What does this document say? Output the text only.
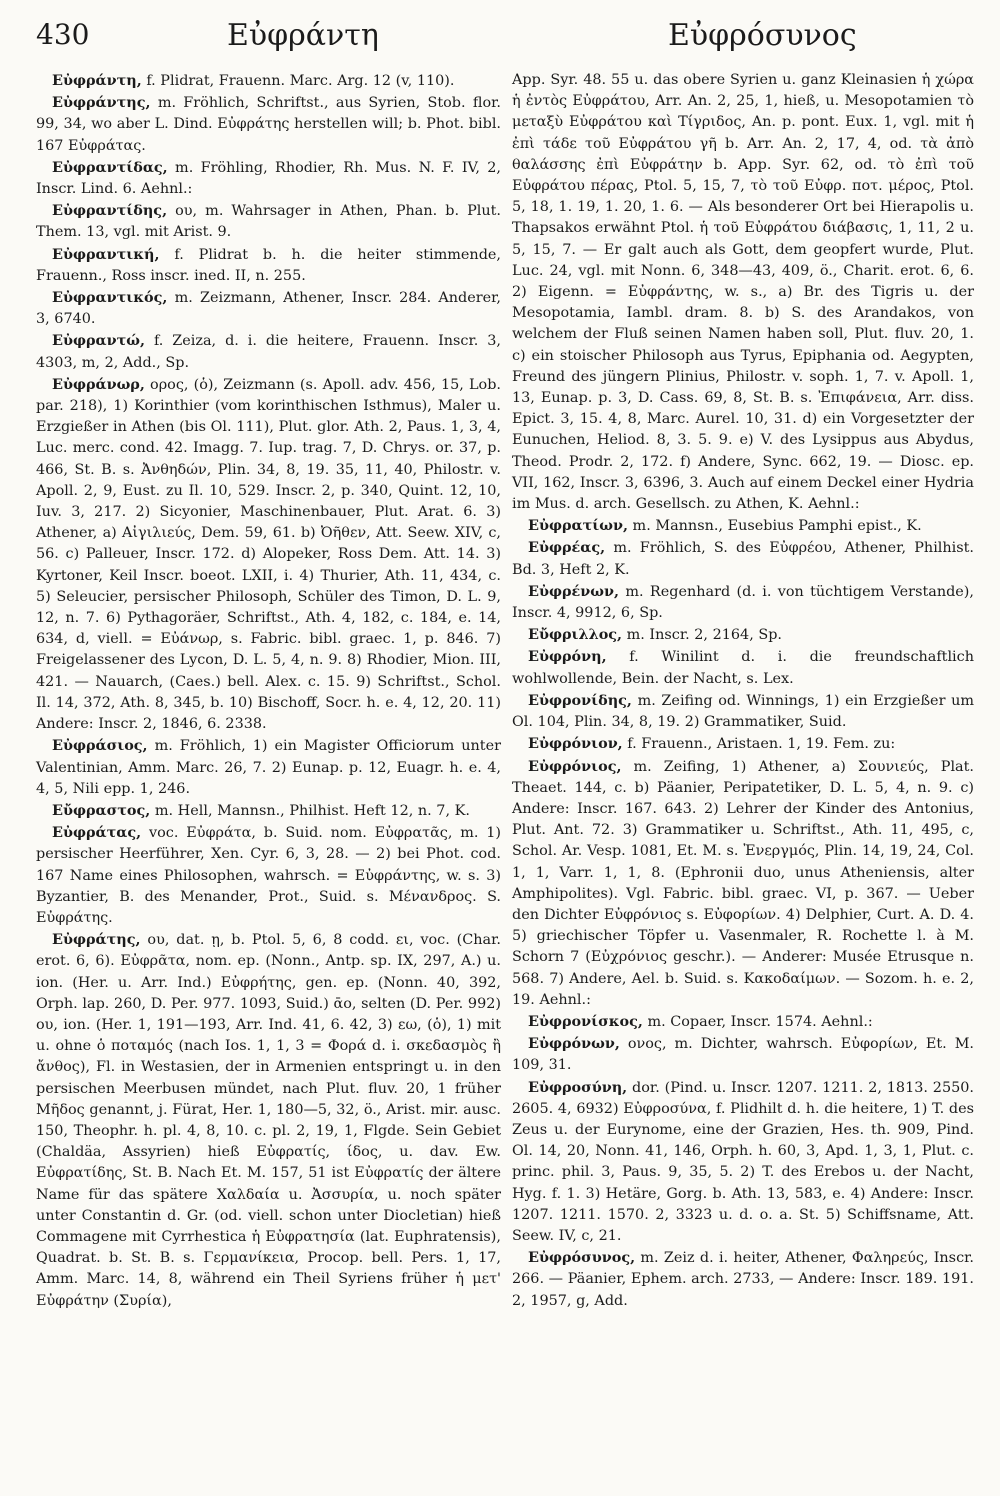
430	Εὐφράντη	Εὐφρόσυνος

Εὐφράντη, f. Plidrat, Frauenn. Marc. Arg. 12 (v, 110).

Εὐφράντης, m. Fröhlich, Schriftst., aus Syrien, Stob. flor. 99, 34, wo aber L. Dind. Εὐφράτης herstellen will; b. Phot. bibl. 167 Εὐφράτας.

Εὐφραντίδας, m. Fröhling, Rhodier, Rh. Mus. N. F. IV, 2, Inscr. Lind. 6. Aehnl.:

Εὐφραντίδης, ου, m. Wahrsager in Athen, Phan. b. Plut. Them. 13, vgl. mit Arist. 9.

Εὐφραντική, f. Plidrat b. h. die heiter stimmende, Frauenn., Ross inscr. ined. II, n. 255.

Εὐφραντικός, m. Zeizmann, Athener, Inscr. 284. Anderer, 3, 6740.

Εὐφραντώ, f. Zeiza, d. i. die heitere, Frauenn. Inscr. 3, 4303, m, 2, Add., Sp.

Εὐφράνωρ, ορος, (ὁ), Zeizmann (s. Apoll. adv. 456, 15, Lob. par. 218), 1) Korinthier (vom korinthischen Isthmus), Maler u. Erzgießer in Athen (bis Ol. 111), Plut. glor. Ath. 2, Paus. 1, 3, 4, Luc. merc. cond. 42. Imagg. 7. Iup. trag. 7, D. Chrys. or. 37, p. 466, St. B. s. Ἀνθηδών, Plin. 34, 8, 19. 35, 11, 40, Philostr. v. Apoll. 2, 9, Eust. zu Il. 10, 529. Inscr. 2, p. 340, Quint. 12, 10, Iuv. 3, 217. 2) Sicyonier, Maschinenbauer, Plut. Arat. 6. 3) Athener, a) Αἰγιλιεύς, Dem. 59, 61. b) Ὀῆθεν, Att. Seew. XIV, c, 56. c) Palleuer, Inscr. 172. d) Alopeker, Ross Dem. Att. 14. 3) Kyrtoner, Keil Inscr. boeot. LXII, i. 4) Thurier, Ath. 11, 434, c. 5) Seleucier, persischer Philosoph, Schüler des Timon, D. L. 9, 12, n. 7. 6) Pythagoräer, Schriftst., Ath. 4, 182, c. 184, e. 14, 634, d, viell. = Εὐάνωρ, s. Fabric. bibl. graec. 1, p. 846. 7) Freigelassener des Lycon, D. L. 5, 4, n. 9. 8) Rhodier, Mion. III, 421. — Nauarch, (Caes.) bell. Alex. c. 15. 9) Schriftst., Schol. Il. 14, 372, Ath. 8, 345, b. 10) Bischoff, Socr. h. e. 4, 12, 20. 11) Andere: Inscr. 2, 1846, 6. 2338.

Εὐφράσιος, m. Fröhlich, 1) ein Magister Officiorum unter Valentinian, Amm. Marc. 26, 7. 2) Eunap. p. 12, Euagr. h. e. 4, 4, 5, Nili epp. 1, 246.

Εὔφραστος, m. Hell, Mannsn., Philhist. Heft 12, n. 7, K.

Εὐφράτας, voc. Εὐφράτα, b. Suid. nom. Εὐφρατᾶς, m. 1) persischer Heerführer, Xen. Cyr. 6, 3, 28. — 2) bei Phot. cod. 167 Name eines Philosophen, wahrsch. = Εὐφράντης, w. s. 3) Byzantier, B. des Menander, Prot., Suid. s. Μένανδρος. S. Εὐφράτης.

Εὐφράτης, ου, dat. ῃ, b. Ptol. 5, 6, 8 codd. ει, voc. (Char. erot. 6, 6). Εὐφρᾶτα, nom. ep. (Nonn., Antp. sp. IX, 297, A.) u. ion. (Her. u. Arr. Ind.) Εὐφρήτης, gen. ep. (Nonn. 40, 392, Orph. lap. 260, D. Per. 977. 1093, Suid.) ᾱο, selten (D. Per. 992) ου, ion. (Her. 1, 191—193, Arr. Ind. 41, 6. 42, 3) εω, (ὁ), 1) mit u. ohne ὁ ποταμός (nach Ios. 1, 1, 3 = Φορά d. i. σκεδασμὸς ἢ ἄνθος), Fl. in Westasien, der in Armenien entspringt u. in den persischen Meerbusen mündet, nach Plut. fluv. 20, 1 früher Μῆδος genannt, j. Fürat, Her. 1, 180—5, 32, ö., Arist. mir. ausc. 150, Theophr. h. pl. 4, 8, 10. c. pl. 2, 19, 1, Flgde. Sein Gebiet (Chaldäa, Assyrien) hieß Εὐφρατίς, ίδος, u. dav. Ew. Εὐφρατίδης, St. B. Nach Et. M. 157, 51 ist Εὐφρατίς der ältere Name für das spätere Χαλδαία u. Ἀσσυρία, u. noch später unter Constantin d. Gr. (od. viell. schon unter Diocletian) hieß Commagene mit Cyrrhestica ἡ Εὐφρατησία (lat. Euphratensis), Quadrat. b. St. B. s. Γερμανίκεια, Procop. bell. Pers. 1, 17, Amm. Marc. 14, 8, während ein Theil Syriens früher ἡ μετ' Εὐφράτην (Συρία),

App. Syr. 48. 55 u. das obere Syrien u. ganz Kleinasien ἡ χώρα ἡ ἐντὸς Εὐφράτου, Arr. An. 2, 25, 1, hieß, u. Mesopotamien τὸ μεταξὺ Εὐφράτου καὶ Τίγριδος, An. p. pont. Eux. 1, vgl. mit ἡ ἐπὶ τάδε τοῦ Εὐφράτου γῆ b. Arr. An. 2, 17, 4, od. τὰ ἀπὸ θαλάσσης ἐπὶ Εὐφράτην b. App. Syr. 62, od. τὸ ἐπὶ τοῦ Εὐφράτου πέρας, Ptol. 5, 15, 7, τὸ τοῦ Εὐφρ. ποτ. μέρος, Ptol. 5, 18, 1. 19, 1. 20, 1. 6. — Als besonderer Ort bei Hierapolis u. Thapsakos erwähnt Ptol. ἡ τοῦ Εὐφράτου διάβασις, 1, 11, 2 u. 5, 15, 7. — Er galt auch als Gott, dem geopfert wurde, Plut. Luc. 24, vgl. mit Nonn. 6, 348—43, 409, ö., Charit. erot. 6, 6. 2) Eigenn. = Εὐφράντης, w. s., a) Br. des Tigris u. der Mesopotamia, Iambl. dram. 8. b) S. des Arandakos, von welchem der Fluß seinen Namen haben soll, Plut. fluv. 20, 1. c) ein stoischer Philosoph aus Tyrus, Epiphania od. Aegypten, Freund des jüngern Plinius, Philostr. v. soph. 1, 7. v. Apoll. 1, 13, Eunap. p. 3, D. Cass. 69, 8, St. B. s. Ἐπιφάνεια, Arr. diss. Epict. 3, 15. 4, 8, Marc. Aurel. 10, 31. d) ein Vorgesetzter der Eunuchen, Heliod. 8, 3. 5. 9. e) V. des Lysippus aus Abydus, Theod. Prodr. 2, 172. f) Andere, Sync. 662, 19. — Diosc. ep. VII, 162, Inscr. 3, 6396, 3. Auch auf einem Deckel einer Hydria im Mus. d. arch. Gesellsch. zu Athen, K. Aehnl.:

Εὐφρατίων, m. Mannsn., Eusebius Pamphi epist., K.

Εὐφρέας, m. Fröhlich, S. des Εὐφρέου, Athener, Philhist. Bd. 3, Heft 2, K.

Εὐφρένων, m. Regenhard (d. i. von tüchtigem Verstande), Inscr. 4, 9912, 6, Sp.

Εὔφριλλος, m. Inscr. 2, 2164, Sp.

Εὐφρόνη, f. Winilint d. i. die freundschaftlich wohlwollende, Bein. der Nacht, s. Lex.

Εὐφρονίδης, m. Zeifing od. Winnings, 1) ein Erzgießer um Ol. 104, Plin. 34, 8, 19. 2) Grammatiker, Suid.

Εὐφρόνιον, f. Frauenn., Aristaen. 1, 19. Fem. zu:

Εὐφρόνιος, m. Zeifing, 1) Athener, a) Σουνιεύς, Plat. Theaet. 144, c. b) Päanier, Peripatetiker, D. L. 5, 4, n. 9. c) Andere: Inscr. 167. 643. 2) Lehrer der Kinder des Antonius, Plut. Ant. 72. 3) Grammatiker u. Schriftst., Ath. 11, 495, c, Schol. Ar. Vesp. 1081, Et. M. s. Ἐνεργμός, Plin. 14, 19, 24, Col. 1, 1, Varr. 1, 1, 8. (Ephronii duo, unus Atheniensis, alter Amphipolites). Vgl. Fabric. bibl. graec. VI, p. 367. — Ueber den Dichter Εὐφρόνιος s. Εὐφορίων. 4) Delphier, Curt. A. D. 4. 5) griechischer Töpfer u. Vasenmaler, R. Rochette l. à M. Schorn 7 (Εὐχρόνιος geschr.). — Anderer: Musée Etrusque n. 568. 7) Andere, Ael. b. Suid. s. Κακοδαίμων. — Sozom. h. e. 2, 19. Aehnl.:

Εὐφρονίσκος, m. Copaer, Inscr. 1574. Aehnl.:

Εὐφρόνων, ονος, m. Dichter, wahrsch. Εὐφορίων, Et. M. 109, 31.

Εὐφροσύνη, dor. (Pind. u. Inscr. 1207. 1211. 2, 1813. 2550. 2605. 4, 6932) Εὐφροσύνα, f. Plidhilt d. h. die heitere, 1) T. des Zeus u. der Eurynome, eine der Grazien, Hes. th. 909, Pind. Ol. 14, 20, Nonn. 41, 146, Orph. h. 60, 3, Apd. 1, 3, 1, Plut. c. princ. phil. 3, Paus. 9, 35, 5. 2) T. des Erebos u. der Nacht, Hyg. f. 1. 3) Hetäre, Gorg. b. Ath. 13, 583, e. 4) Andere: Inscr. 1207. 1211. 1570. 2, 3323 u. d. o. a. St. 5) Schiffsname, Att. Seew. IV, c, 21.

Εὐφρόσυνος, m. Zeiz d. i. heiter, Athener, Φαληρεύς, Inscr. 266. — Päanier, Ephem. arch. 2733, — Andere: Inscr. 189. 191. 2, 1957, g, Add.
